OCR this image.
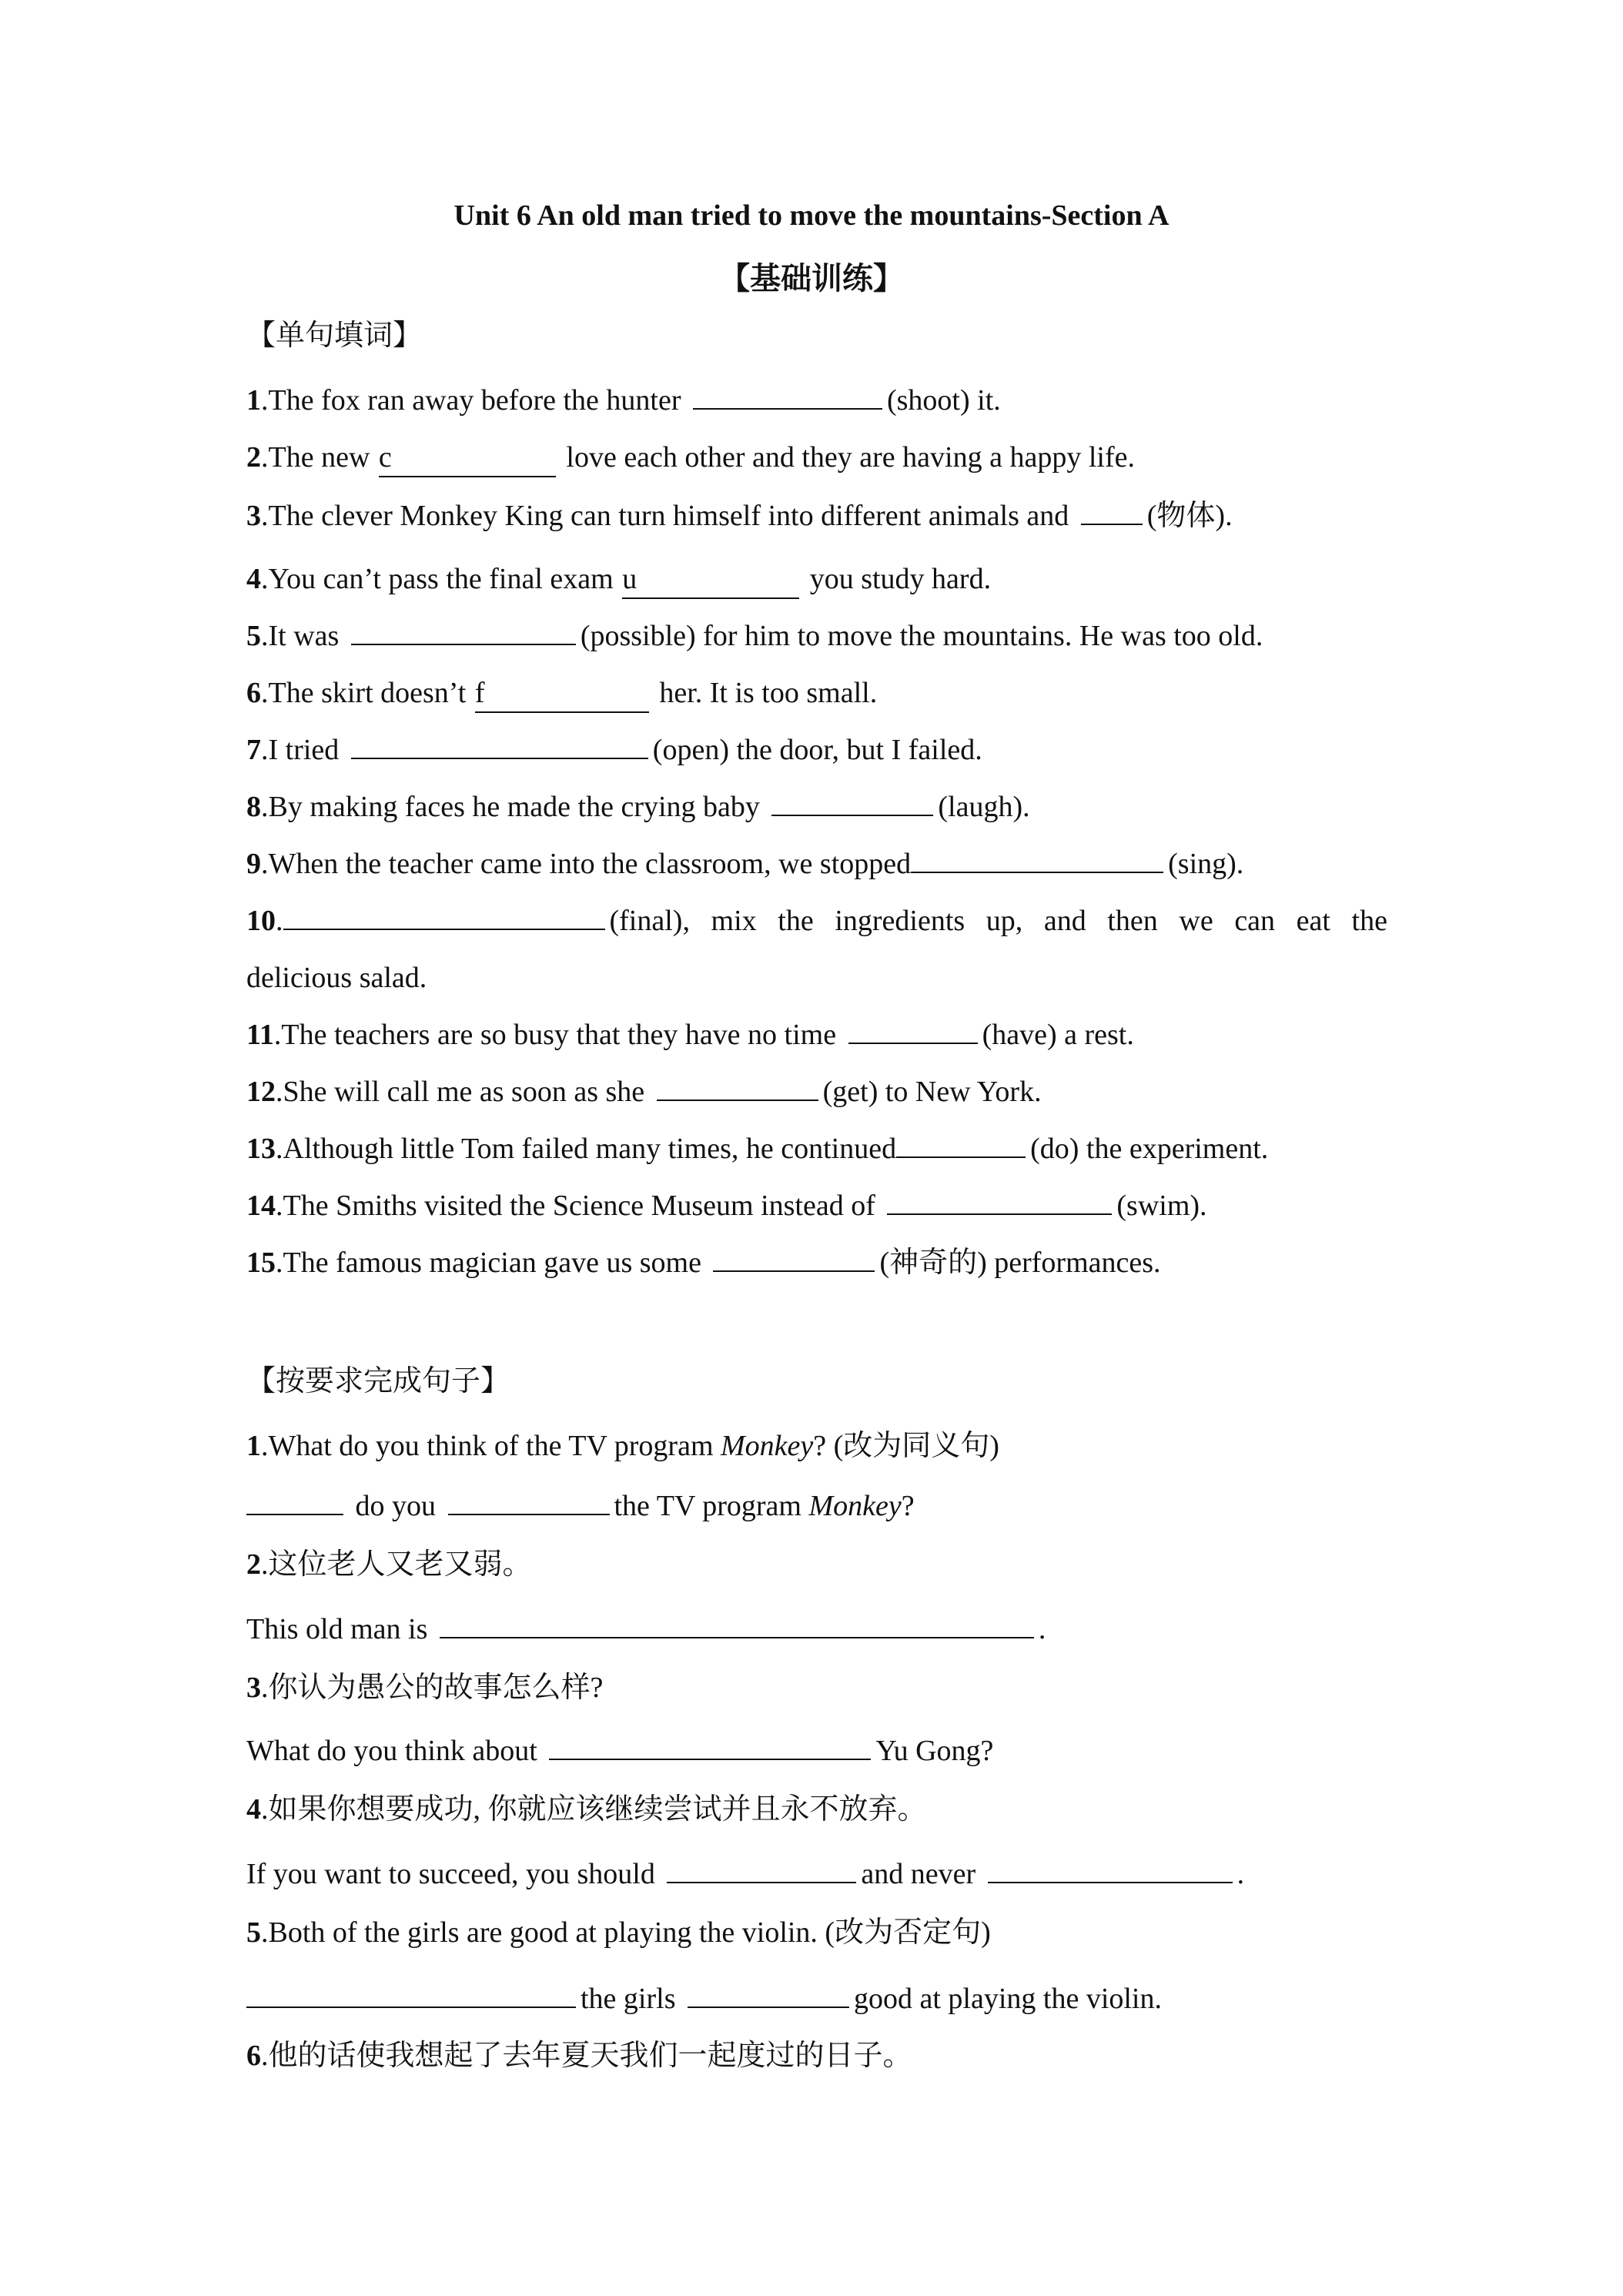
Unit 6 An old man tried to move the mountains-Section A
【基础训练】
【单句填词】
1.The fox ran away before the hunter	(shoot) it.
2.The new c	love each other and they are having a happy life.
3.The clever Monkey King can turn himself into different animals and	(物体).
4.You can’t pass the final exam u	you study hard.
5.It was	(possible) for him to move the mountains. He was too old.
6.The skirt doesn’t f	her. It is too small.
7.I tried	(open) the door, but I failed.
8.By making faces he made the crying baby	(laugh).
9.When the teacher came into the classroom, we stopped	(sing).
10.	(final), mix the ingredients up, and then we can eat the
delicious salad.
11.The teachers are so busy that they have no time	(have) a rest.
12.She will call me as soon as she	(get) to New York.
13.Although little Tom failed many times, he continued	(do) the experiment.
14.The Smiths visited the Science Museum instead of	(swim).
15.The famous magician gave us some	(神奇的) performances.
【按要求完成句子】
1.What do you think of the TV program Monkey? (改为同义句)
do you	the TV program Monkey?
2.这位老人又老又弱。
This old man is	.
3.你认为愚公的故事怎么样?
What do you think about	Yu Gong?
4.如果你想要成功, 你就应该继续尝试并且永不放弃。
If you want to succeed, you should	and never	.
5.Both of the girls are good at playing the violin. (改为否定句)
the girls	good at playing the violin.
6.他的话使我想起了去年夏天我们一起度过的日子。
